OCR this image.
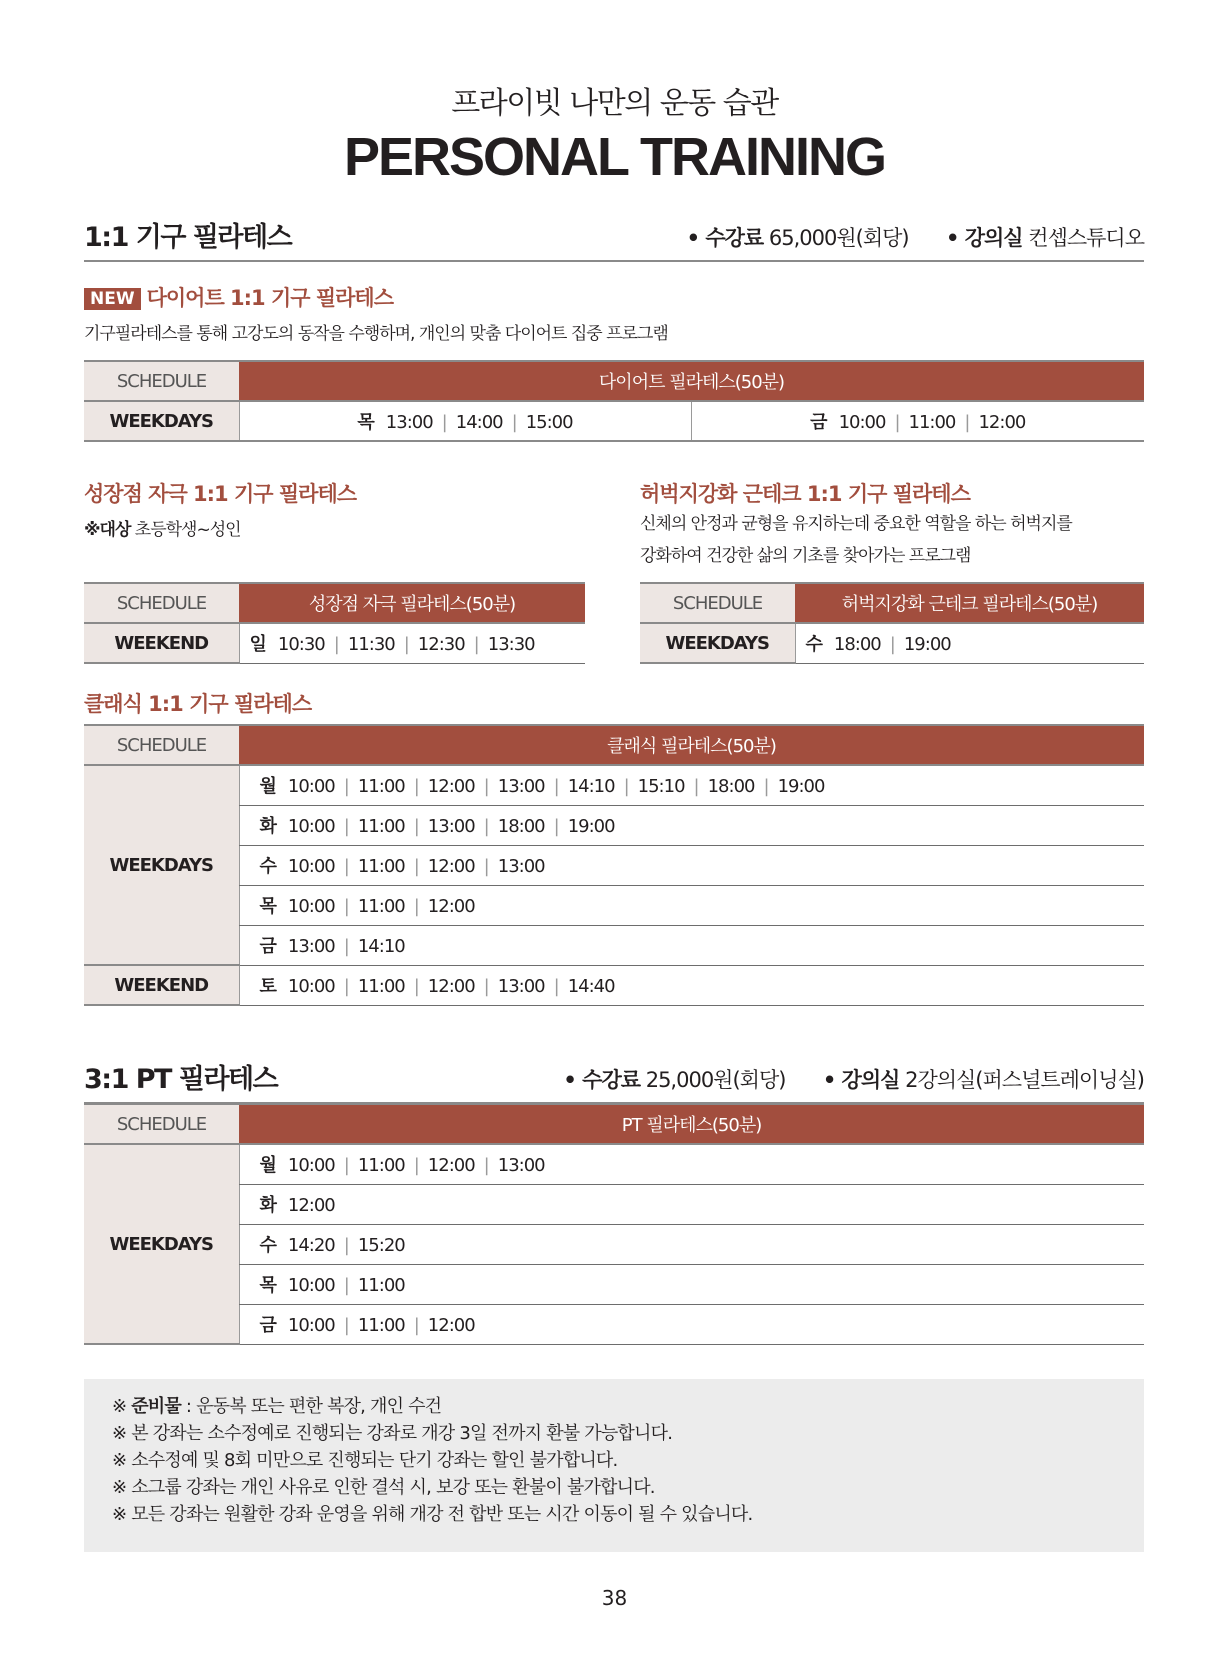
프라이빗 나만의 운동 습관
PERSONAL TRAINING
1:1 기구 필라테스	• 수강료 65,000원(회당) • 강의실 컨셉스튜디오
NEW 다이어트 1:1 기구 필라테스
기구필라테스를 통해 고강도의 동작을 수행하며, 개인의 맞춤 다이어트 집중 프로그램
SCHEDULE	다이어트 필라테스(50분)	
WEEKDAYS	목 13:00 | 14:00 | 15:00	금 10:00 | 11:00 | 12:00
성장점 자극 1:1 기구 필라테스
※대상 초등학생~성인
SCHEDULE	성장점 자극 필라테스(50분)
WEEKEND	일 10:30 | 11:30 | 12:30 | 13:30
허벅지강화 근테크 1:1 기구 필라테스
신체의 안정과 균형을 유지하는데 중요한 역할을 하는 허벅지를
강화하여 건강한 삶의 기초를 찾아가는 프로그램
SCHEDULE	허벅지강화 근테크 필라테스(50분)
WEEKDAYS	수 18:00 | 19:00
클래식 1:1 기구 필라테스
SCHEDULE	클래식 필라테스(50분)
WEEKDAYS	월 10:00 | 11:00 | 12:00 | 13:00 | 14:10 | 15:10 | 18:00 | 19:00
	화 10:00 | 11:00 | 13:00 | 18:00 | 19:00
	수 10:00 | 11:00 | 12:00 | 13:00
	목 10:00 | 11:00 | 12:00
	금 13:00 | 14:10
WEEKEND	토 10:00 | 11:00 | 12:00 | 13:00 | 14:40
3:1 PT 필라테스	• 수강료 25,000원(회당) • 강의실 2강의실(퍼스널트레이닝실)
SCHEDULE	PT 필라테스(50분)
WEEKDAYS	월 10:00 | 11:00 | 12:00 | 13:00
	화 12:00
	수 14:20 | 15:20
	목 10:00 | 11:00
	금 10:00 | 11:00 | 12:00
※ 준비물 : 운동복 또는 편한 복장, 개인 수건
※ 본 강좌는 소수정예로 진행되는 강좌로 개강 3일 전까지 환불 가능합니다.
※ 소수정예 및 8회 미만으로 진행되는 단기 강좌는 할인 불가합니다.
※ 소그룹 강좌는 개인 사유로 인한 결석 시, 보강 또는 환불이 불가합니다.
※ 모든 강좌는 원활한 강좌 운영을 위해 개강 전 합반 또는 시간 이동이 될 수 있습니다.
38
